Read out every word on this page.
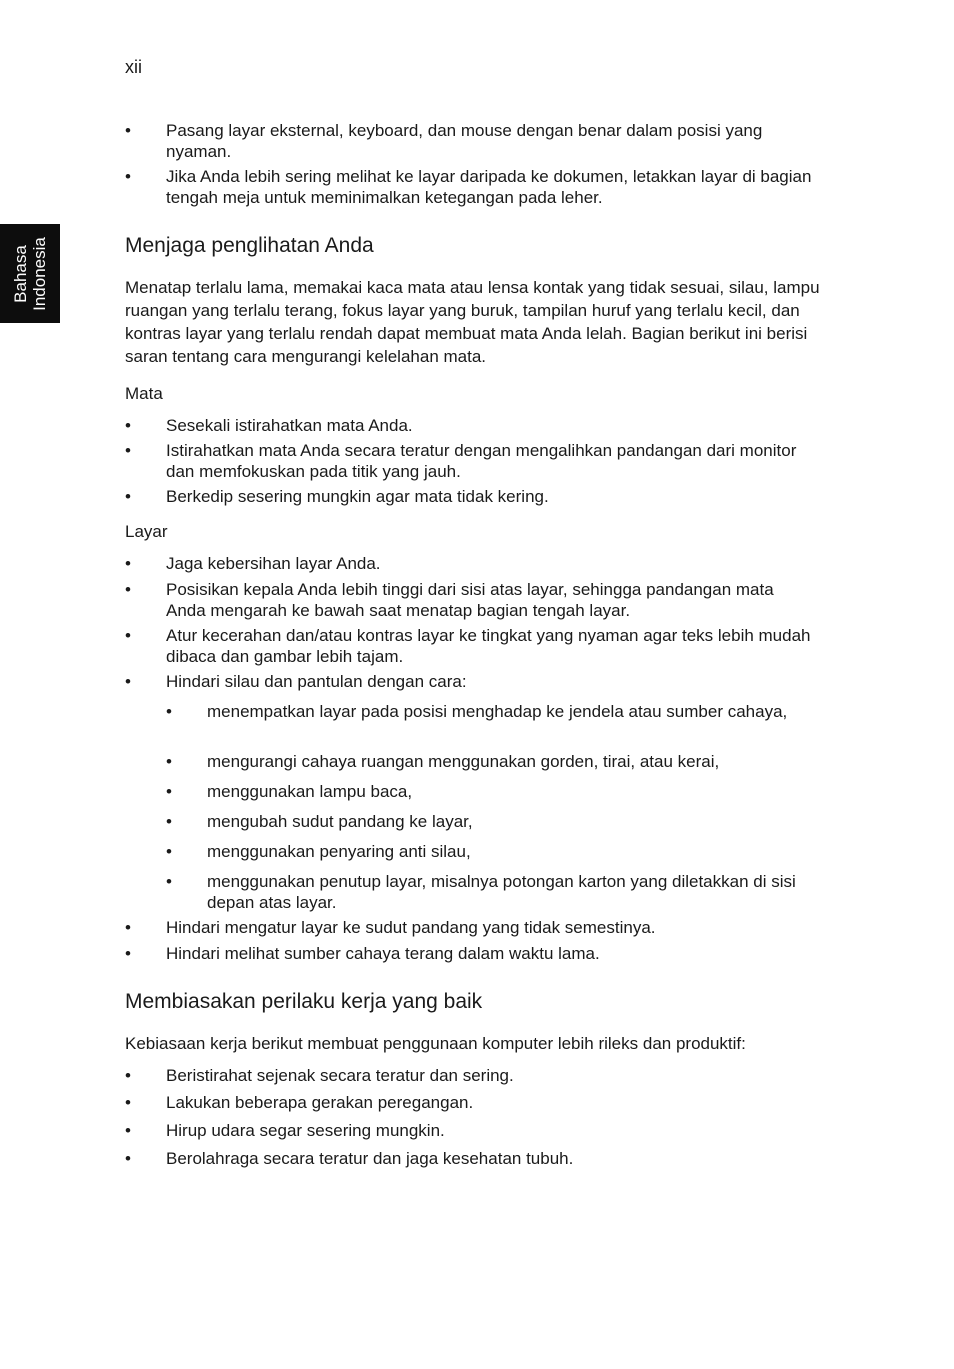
xii
Bahasa Indonesia
• Pasang layar eksternal, keyboard, dan mouse dengan benar dalam posisi yang nyaman.
• Jika Anda lebih sering melihat ke layar daripada ke dokumen, letakkan layar di bagian tengah meja untuk meminimalkan ketegangan pada leher.
Menjaga penglihatan Anda
Menatap terlalu lama, memakai kaca mata atau lensa kontak yang tidak sesuai, silau, lampu ruangan yang terlalu terang, fokus layar yang buruk, tampilan huruf yang terlalu kecil, dan kontras layar yang terlalu rendah dapat membuat mata Anda lelah. Bagian berikut ini berisi saran tentang cara mengurangi kelelahan mata.
Mata
• Sesekali istirahatkan mata Anda.
• Istirahatkan mata Anda secara teratur dengan mengalihkan pandangan dari monitor dan memfokuskan pada titik yang jauh.
• Berkedip sesering mungkin agar mata tidak kering.
Layar
• Jaga kebersihan layar Anda.
• Posisikan kepala Anda lebih tinggi dari sisi atas layar, sehingga pandangan mata Anda mengarah ke bawah saat menatap bagian tengah layar.
• Atur kecerahan dan/atau kontras layar ke tingkat yang nyaman agar teks lebih mudah dibaca dan gambar lebih tajam.
• Hindari silau dan pantulan dengan cara:
• menempatkan layar pada posisi menghadap ke jendela atau sumber cahaya,
• mengurangi cahaya ruangan menggunakan gorden, tirai, atau kerai,
• menggunakan lampu baca,
• mengubah sudut pandang ke layar,
• menggunakan penyaring anti silau,
• menggunakan penutup layar, misalnya potongan karton yang diletakkan di sisi depan atas layar.
• Hindari mengatur layar ke sudut pandang yang tidak semestinya.
• Hindari melihat sumber cahaya terang dalam waktu lama.
Membiasakan perilaku kerja yang baik
Kebiasaan kerja berikut membuat penggunaan komputer lebih rileks dan produktif:
• Beristirahat sejenak secara teratur dan sering.
• Lakukan beberapa gerakan peregangan.
• Hirup udara segar sesering mungkin.
• Berolahraga secara teratur dan jaga kesehatan tubuh.
